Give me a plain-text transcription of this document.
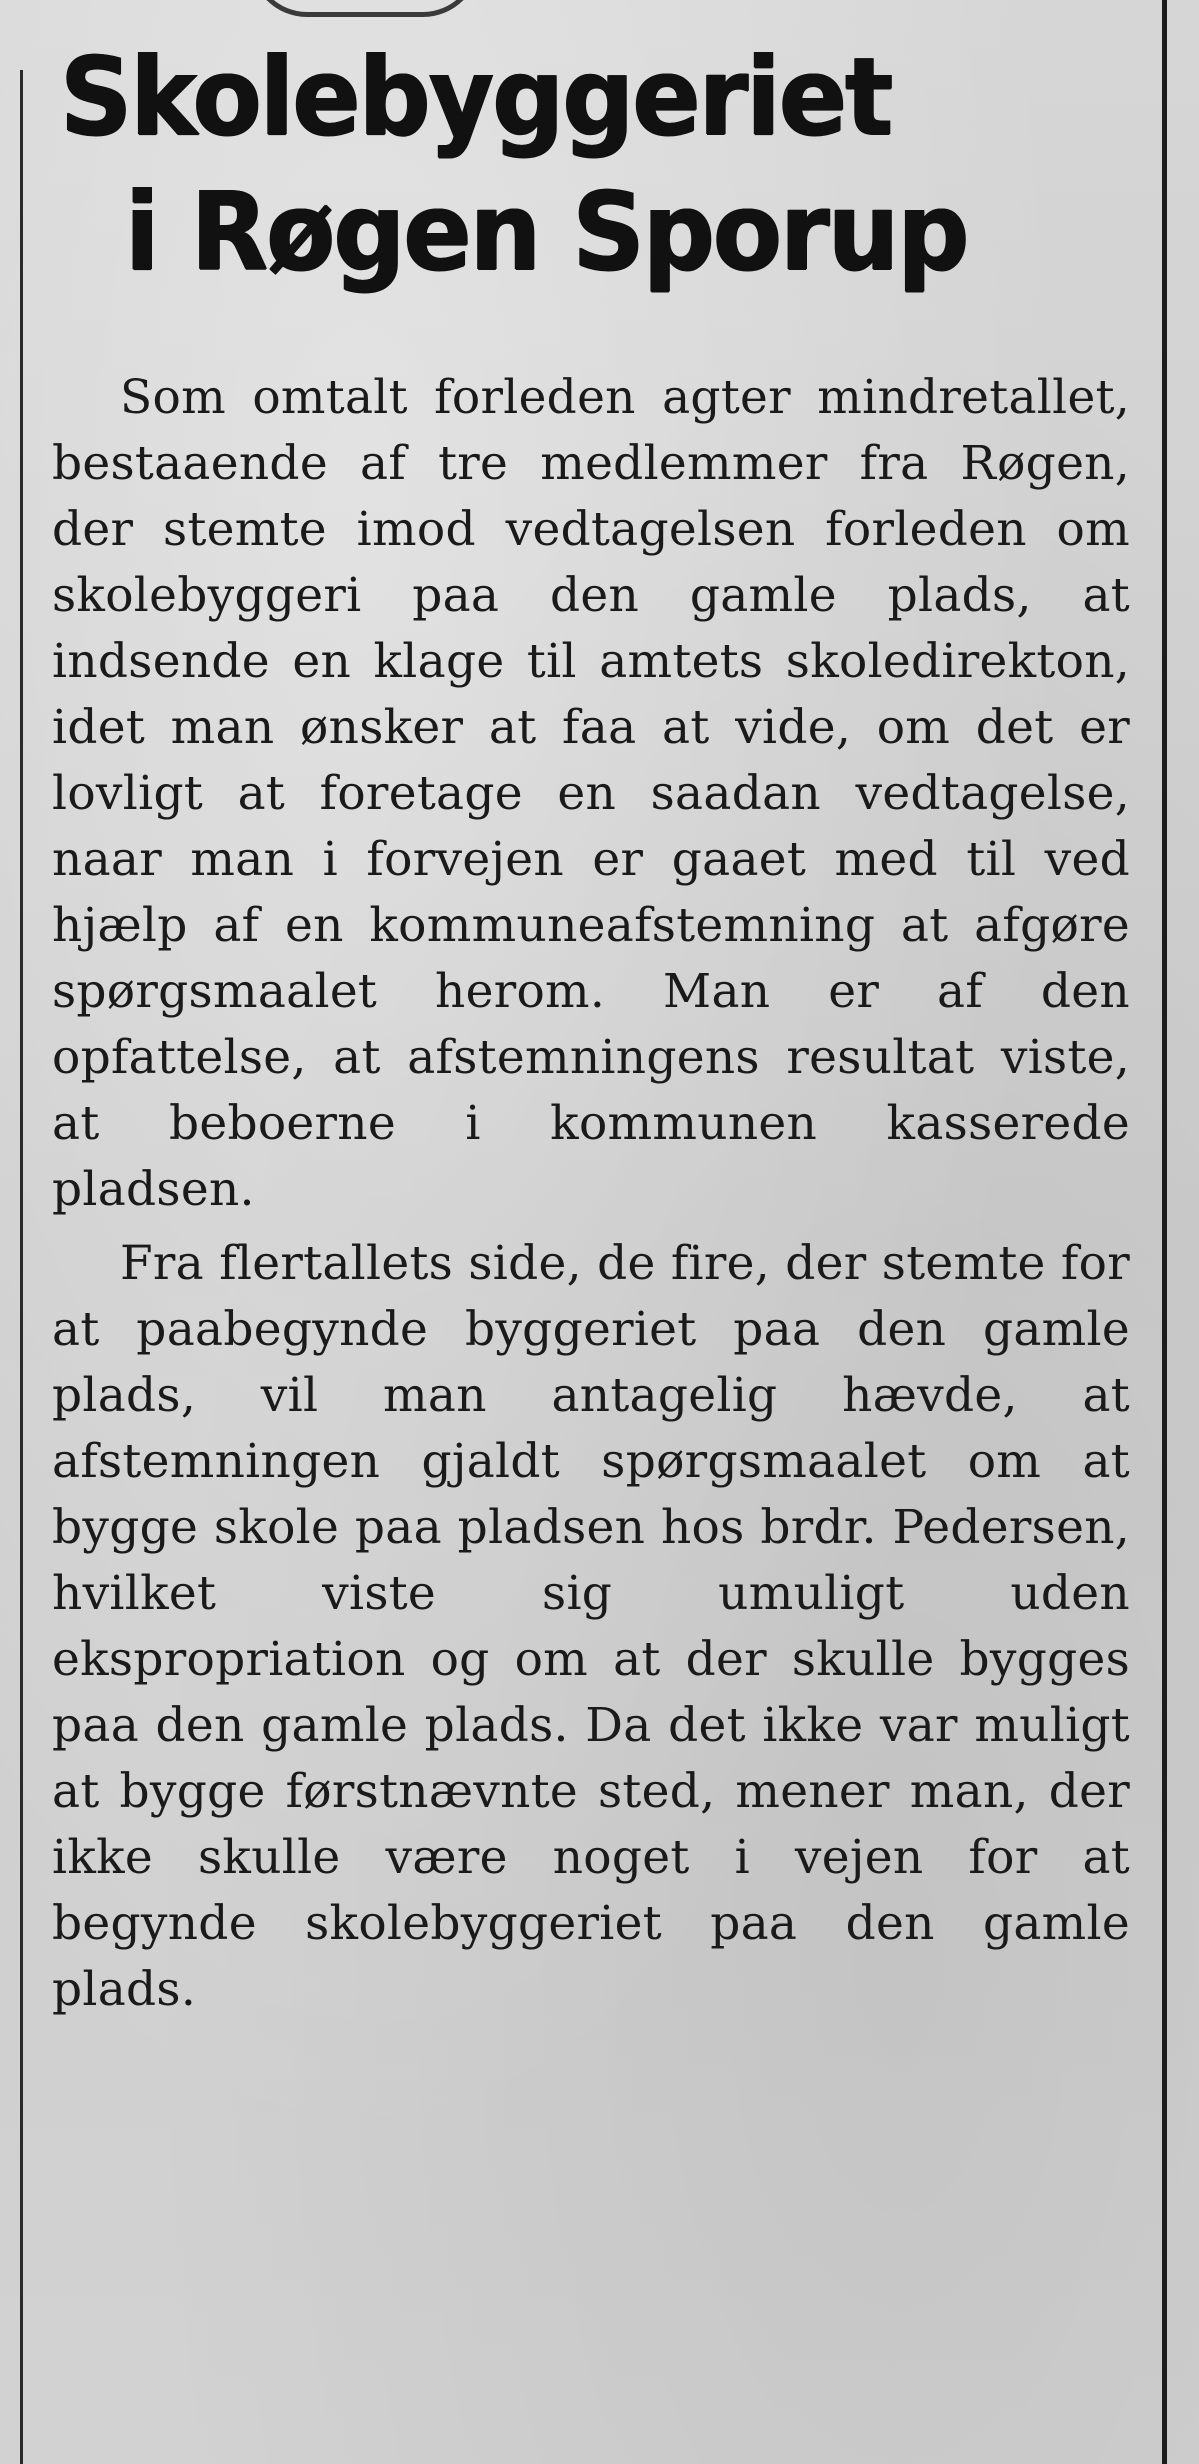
Skolebyggeriet
i Røgen Sporup

Som omtalt forleden agter mindretallet, bestaaende af tre medlemmer fra Røgen, der stemte imod vedtagelsen forleden om skolebyggeri paa den gamle plads, at indsende en klage til amtets skoledirekton, idet man ønsker at faa at vide, om det er lovligt at foretage en saadan vedtagelse, naar man i forvejen er gaaet med til ved hjælp af en kommuneafstemning at afgøre spørgsmaalet herom. Man er af den opfattelse, at afstemningens resultat viste, at beboerne i kommunen kasserede pladsen.

Fra flertallets side, de fire, der stemte for at paabegynde byggeriet paa den gamle plads, vil man antagelig hævde, at afstemningen gjaldt spørgsmaalet om at bygge skole paa pladsen hos brdr. Pedersen, hvilket viste sig umuligt uden ekspropriation og om at der skulle bygges paa den gamle plads. Da det ikke var muligt at bygge førstnævnte sted, mener man, der ikke skulle være noget i vejen for at begynde skolebyggeriet paa den gamle plads.
